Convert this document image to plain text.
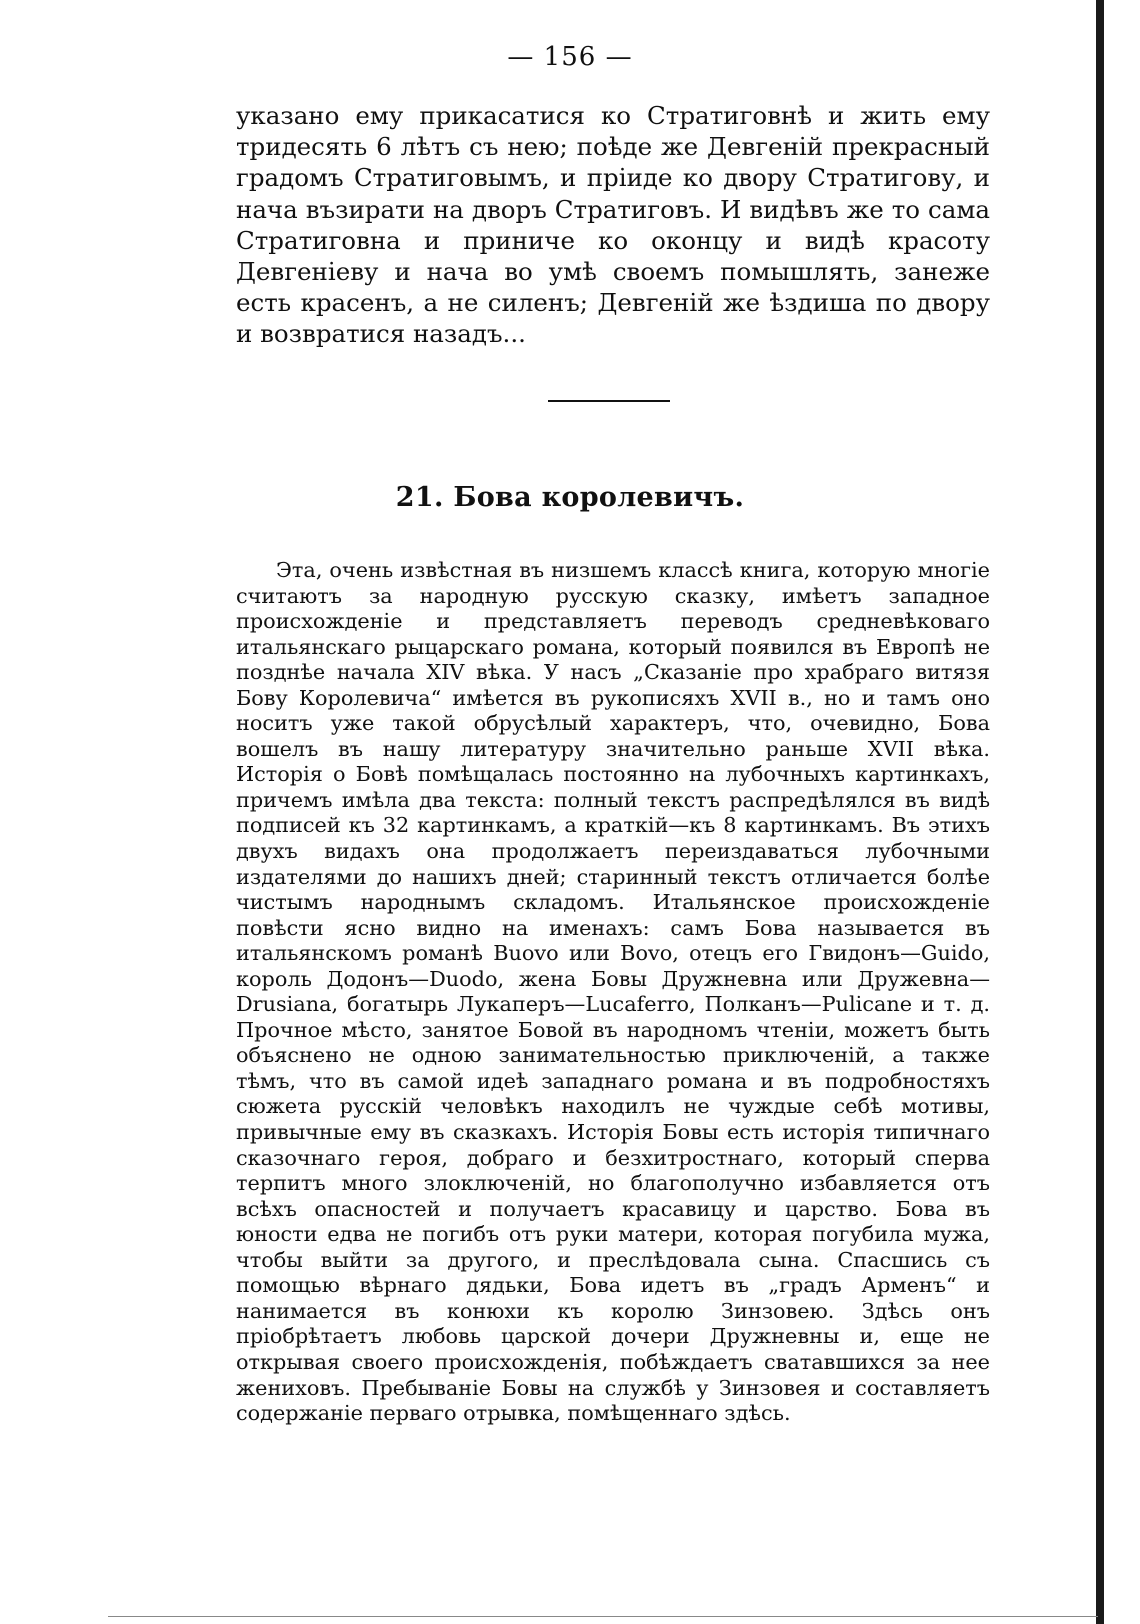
— 156 —
указано ему прикасатися ко Стратиговнѣ и жить ему тридесять 6 лѣтъ съ нею; поѣде же Девгенiй прекрасный градомъ Стратиговымъ, и прiиде ко двору Стратигову, и нача възирати на дворъ Стратиговъ. И видѣвъ же то сама Стратиговна и приниче ко оконцу и видѣ красоту Девгенiеву и нача во умѣ своемъ помышлять, занеже есть красенъ, а не силенъ; Девгенiй же ѣздиша по двору и возвратися назадъ...
21. Бова королевичъ.

Эта, очень извѣстная въ низшемъ классѣ книга, которую многiе считаютъ за народную русскую сказку, имѣетъ западное происхожденiе и представляетъ переводъ средневѣковаго итальянскаго рыцарскаго романа, который появился въ Европѣ не позднѣе начала XIV вѣка. У насъ „Сказанiе про храбраго витязя Бову Королевича“ имѣется въ рукописяхъ XVII в., но и тамъ оно носитъ уже такой обрусѣлый характеръ, что, очевидно, Бова вошелъ въ нашу литературу значительно раньше XVII вѣка. Исторiя о Бовѣ помѣщалась постоянно на лубочныхъ картинкахъ, причемъ имѣла два текста: полный текстъ распредѣлялся въ видѣ подписей къ 32 картинкамъ, а краткiй—къ 8 картинкамъ. Въ этихъ двухъ видахъ она продолжаетъ переиздаваться лубочными издателями до нашихъ дней; старинный текстъ отличается болѣе чистымъ народнымъ складомъ. Итальянское происхожденiе повѣсти ясно видно на именахъ: самъ Бова называется въ итальянскомъ романѣ Buovo или Bovo, отецъ его Гвидонъ—Guido, король Додонъ—Duodo, жена Бовы Дружневна или Дружевна—Drusiana, богатырь Лукаперъ—Lucaferro, Полканъ—Pulicane и т. д. Прочное мѣсто, занятое Бовой въ народномъ чтенiи, можетъ быть объяснено не одною занимательностью приключенiй, а также тѣмъ, что въ самой идеѣ западнаго романа и въ подробностяхъ сюжета русскiй человѣкъ находилъ не чуждые себѣ мотивы, привычные ему въ сказкахъ. Исторiя Бовы есть исторiя типичнаго сказочнаго героя, добраго и безхитростнаго, который сперва терпитъ много злоключенiй, но благополучно избавляется отъ всѣхъ опасностей и получаетъ красавицу и царство. Бова въ юности едва не погибъ отъ руки матери, которая погубила мужа, чтобы выйти за другого, и преслѣдовала сына. Спасшись съ помощью вѣрнаго дядьки, Бова идетъ въ „градъ Арменъ“ и нанимается въ конюхи къ королю Зинзовею. Здѣсь онъ прiобрѣтаетъ любовь царской дочери Дружневны и, еще не открывая своего происхожденiя, побѣждаетъ сватавшихся за нее жениховъ. Пребыванiе Бовы на службѣ у Зинзовея и составляетъ содержанiе перваго отрывка, помѣщеннаго здѣсь.
